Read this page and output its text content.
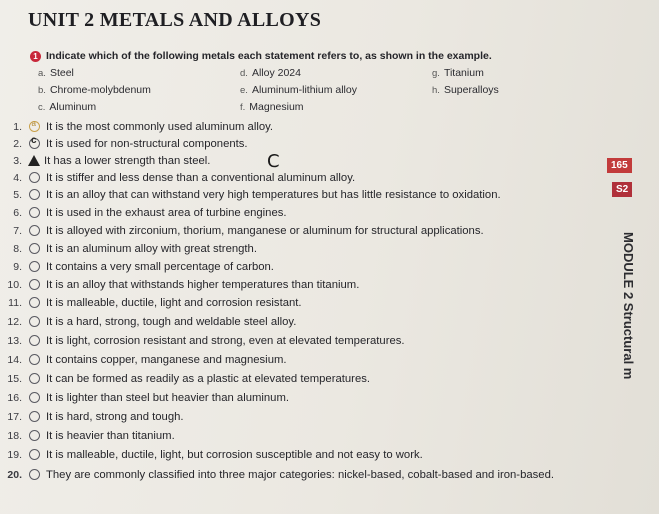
UNIT 2 METALS AND ALLOYS
1 Indicate which of the following metals each statement refers to, as shown in the example.
a. Steel
b. Chrome-molybdenum
c. Aluminum
d. Alloy 2024
e. Aluminum-lithium alloy
f. Magnesium
g. Titanium
h. Superalloys
1. a It is the most commonly used aluminum alloy.
2. c It is used for non-structural components.
3. It has a lower strength than steel.
4. It is stiffer and less dense than a conventional aluminum alloy.
5. It is an alloy that can withstand very high temperatures but has little resistance to oxidation.
6. It is used in the exhaust area of turbine engines.
7. It is alloyed with zirconium, thorium, manganese or aluminum for structural applications.
8. It is an aluminum alloy with great strength.
9. It contains a very small percentage of carbon.
10. It is an alloy that withstands higher temperatures than titanium.
11. It is malleable, ductile, light and corrosion resistant.
12. It is a hard, strong, tough and weldable steel alloy.
13. It is light, corrosion resistant and strong, even at elevated temperatures.
14. It contains copper, manganese and magnesium.
15. It can be formed as readily as a plastic at elevated temperatures.
16. It is lighter than steel but heavier than aluminum.
17. It is hard, strong and tough.
18. It is heavier than titanium.
19. It is malleable, ductile, light, but corrosion susceptible and not easy to work.
20. They are commonly classified into three major categories: nickel-based, cobalt-based and iron-based.
𝖢	165
S2
MODULE 2 Structural m
